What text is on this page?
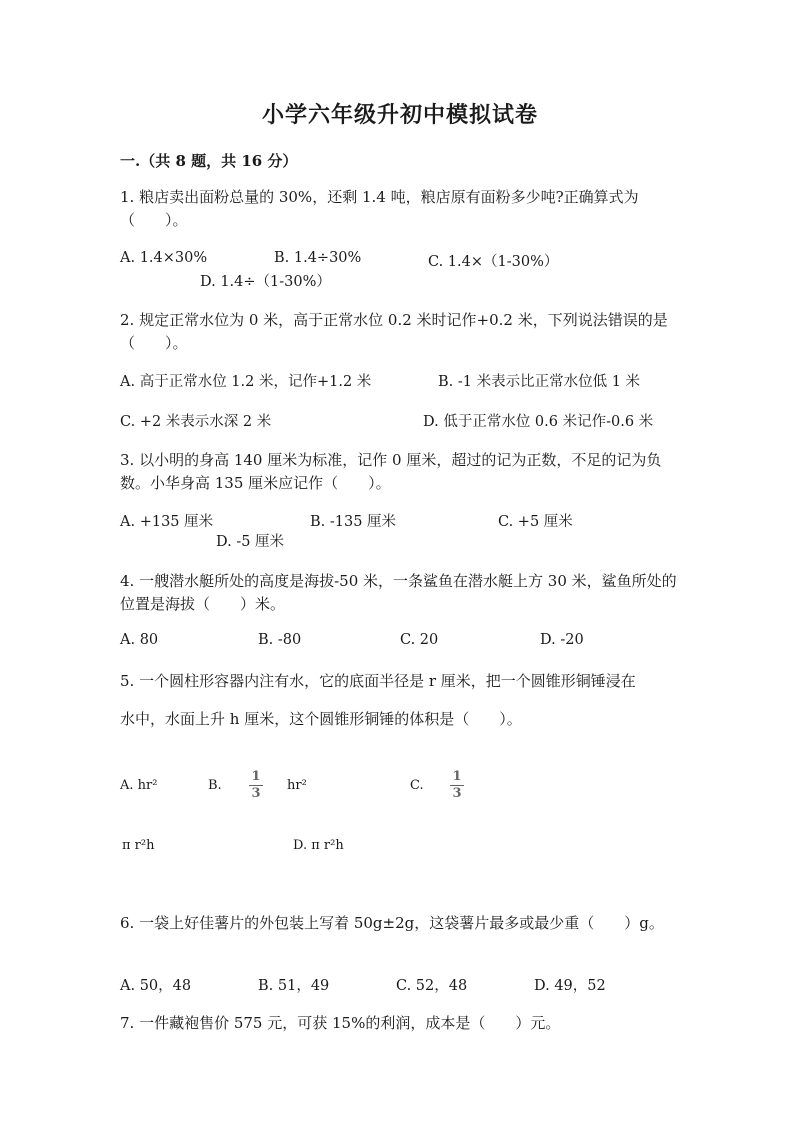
小学六年级升初中模拟试卷
一.（共 8 题，共 16 分）
1. 粮店卖出面粉总量的 30%，还剩 1.4 吨，粮店原有面粉多少吨?正确算式为（　　）。
A. 1.4×30%	B. 1.4÷30%	C. 1.4×（1-30%）
D. 1.4÷（1-30%）
2. 规定正常水位为 0 米，高于正常水位 0.2 米时记作+0.2 米，下列说法错误的是（　　）。
A. 高于正常水位 1.2 米，记作+1.2 米	B. -1 米表示比正常水位低 1 米
C. +2 米表示水深 2 米	D. 低于正常水位 0.6 米记作-0.6 米
3. 以小明的身高 140 厘米为标准，记作 0 厘米，超过的记为正数，不足的记为负数。小华身高 135 厘米应记作（　　）。
A. +135 厘米	B. -135 厘米	C. +5 厘米
D. -5 厘米
4. 一艘潜水艇所处的高度是海拔-50 米，一条鲨鱼在潜水艇上方 30 米，鲨鱼所处的位置是海拔（　　）米。
A. 80	B. -80	C. 20	D. -20
5. 一个圆柱形容器内注有水，它的底面半径是 r 厘米，把一个圆锥形铜锤浸在
水中，水面上升 h 厘米，这个圆锥形铜锤的体积是（　　）。
A. hr²	B.
1
3
hr²	C.
1
3
π r²h	D. π r²h
6. 一袋上好佳薯片的外包装上写着 50g±2g，这袋薯片最多或最少重（　　）g。
A. 50，48	B. 51，49	C. 52，48	D. 49，52
7. 一件藏袍售价 575 元，可获 15%的利润，成本是（　　）元。
